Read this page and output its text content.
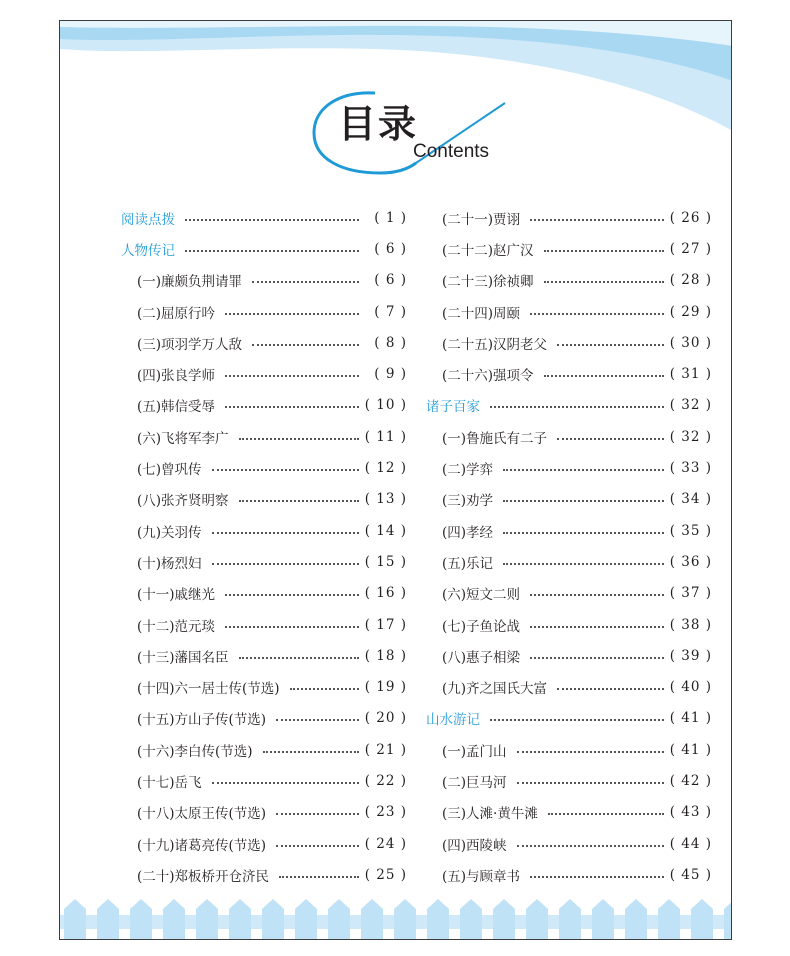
目录
Contents
阅读点拨	( 1 )
人物传记	( 6 )
(一)廉颇负荆请罪	( 6 )
(二)屈原行吟	( 7 )
(三)项羽学万人敌	( 8 )
(四)张良学师	( 9 )
(五)韩信受辱	( 10 )
(六)飞将军李广	( 11 )
(七)曾巩传	( 12 )
(八)张齐贤明察	( 13 )
(九)关羽传	( 14 )
(十)杨烈妇	( 15 )
(十一)戚继光	( 16 )
(十二)范元琰	( 17 )
(十三)藩国名臣	( 18 )
(十四)六一居士传(节选)	( 19 )
(十五)方山子传(节选)	( 20 )
(十六)李白传(节选)	( 21 )
(十七)岳飞	( 22 )
(十八)太原王传(节选)	( 23 )
(十九)诸葛亮传(节选)	( 24 )
(二十)郑板桥开仓济民	( 25 )
(二十一)贾诩	( 26 )
(二十二)赵广汉	( 27 )
(二十三)徐祯卿	( 28 )
(二十四)周颐	( 29 )
(二十五)汉阴老父	( 30 )
(二十六)强项令	( 31 )
诸子百家	( 32 )
(一)鲁施氏有二子	( 32 )
(二)学弈	( 33 )
(三)劝学	( 34 )
(四)孝经	( 35 )
(五)乐记	( 36 )
(六)短文二则	( 37 )
(七)子鱼论战	( 38 )
(八)惠子相梁	( 39 )
(九)齐之国氏大富	( 40 )
山水游记	( 41 )
(一)孟门山	( 41 )
(二)巨马河	( 42 )
(三)人滩·黄牛滩	( 43 )
(四)西陵峡	( 44 )
(五)与顾章书	( 45 )
